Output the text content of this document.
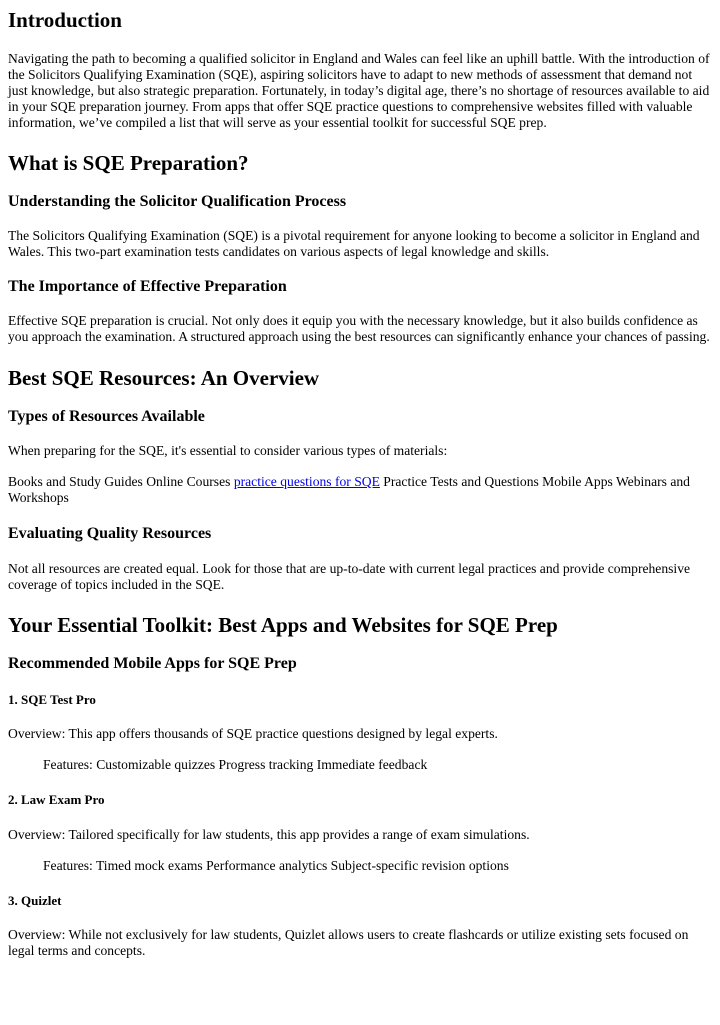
Introduction

Navigating the path to becoming a qualified solicitor in England and Wales can feel like an uphill battle. With the introduction of the Solicitors Qualifying Examination (SQE), aspiring solicitors have to adapt to new methods of assessment that demand not just knowledge, but also strategic preparation. Fortunately, in today’s digital age, there’s no shortage of resources available to aid in your SQE preparation journey. From apps that offer SQE practice questions to comprehensive websites filled with valuable information, we’ve compiled a list that will serve as your essential toolkit for successful SQE prep.

What is SQE Preparation?
Understanding the Solicitor Qualification Process

The Solicitors Qualifying Examination (SQE) is a pivotal requirement for anyone looking to become a solicitor in England and Wales. This two-part examination tests candidates on various aspects of legal knowledge and skills.

The Importance of Effective Preparation

Effective SQE preparation is crucial. Not only does it equip you with the necessary knowledge, but it also builds confidence as you approach the examination. A structured approach using the best resources can significantly enhance your chances of passing.

Best SQE Resources: An Overview
Types of Resources Available

When preparing for the SQE, it's essential to consider various types of materials:

Books and Study Guides Online Courses practice questions for SQE Practice Tests and Questions Mobile Apps Webinars and Workshops

Evaluating Quality Resources

Not all resources are created equal. Look for those that are up-to-date with current legal practices and provide comprehensive coverage of topics included in the SQE.

Your Essential Toolkit: Best Apps and Websites for SQE Prep
Recommended Mobile Apps for SQE Prep
1. SQE Test Pro

Overview: This app offers thousands of SQE practice questions designed by legal experts.

Features: Customizable quizzes Progress tracking Immediate feedback

2. Law Exam Pro

Overview: Tailored specifically for law students, this app provides a range of exam simulations.

Features: Timed mock exams Performance analytics Subject-specific revision options

3. Quizlet

Overview: While not exclusively for law students, Quizlet allows users to create flashcards or utilize existing sets focused on legal terms and concepts.
